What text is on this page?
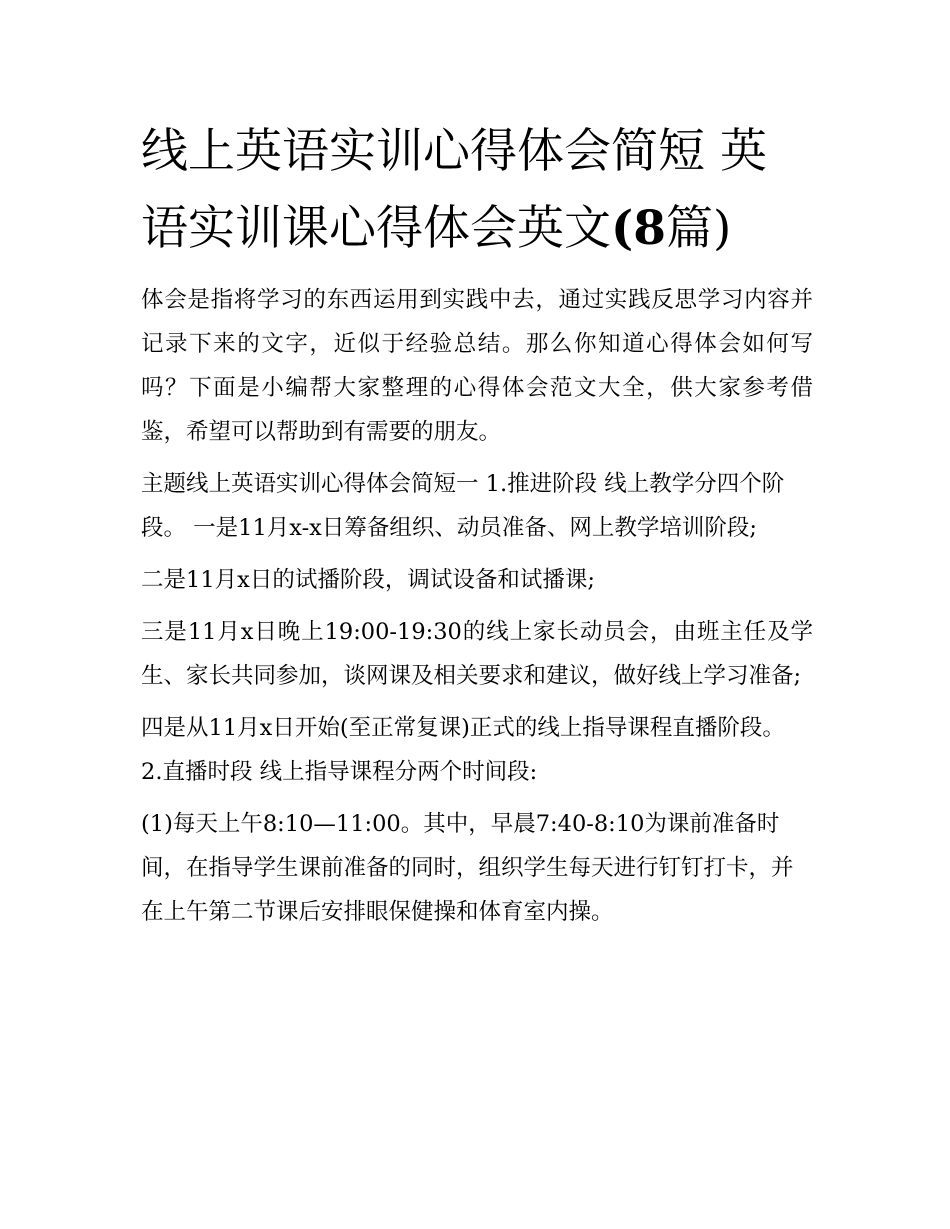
线上英语实训心得体会简短 英语实训课心得体会英文(8篇)

体会是指将学习的东西运用到实践中去，通过实践反思学习内容并记录下来的文字，近似于经验总结。那么你知道心得体会如何写吗？下面是小编帮大家整理的心得体会范文大全，供大家参考借鉴，希望可以帮助到有需要的朋友。

主题线上英语实训心得体会简短一 1.推进阶段 线上教学分四个阶段。 一是11月x-x日筹备组织、动员准备、网上教学培训阶段;

二是11月x日的试播阶段，调试设备和试播课;

三是11月x日晚上19:00-19:30的线上家长动员会，由班主任及学生、家长共同参加，谈网课及相关要求和建议，做好线上学习准备;

四是从11月x日开始(至正常复课)正式的线上指导课程直播阶段。 2.直播时段 线上指导课程分两个时间段:

(1)每天上午8:10—11:00。其中，早晨7:40-8:10为课前准备时间，在指导学生课前准备的同时，组织学生每天进行钉钉打卡，并在上午第二节课后安排眼保健操和体育室内操。
